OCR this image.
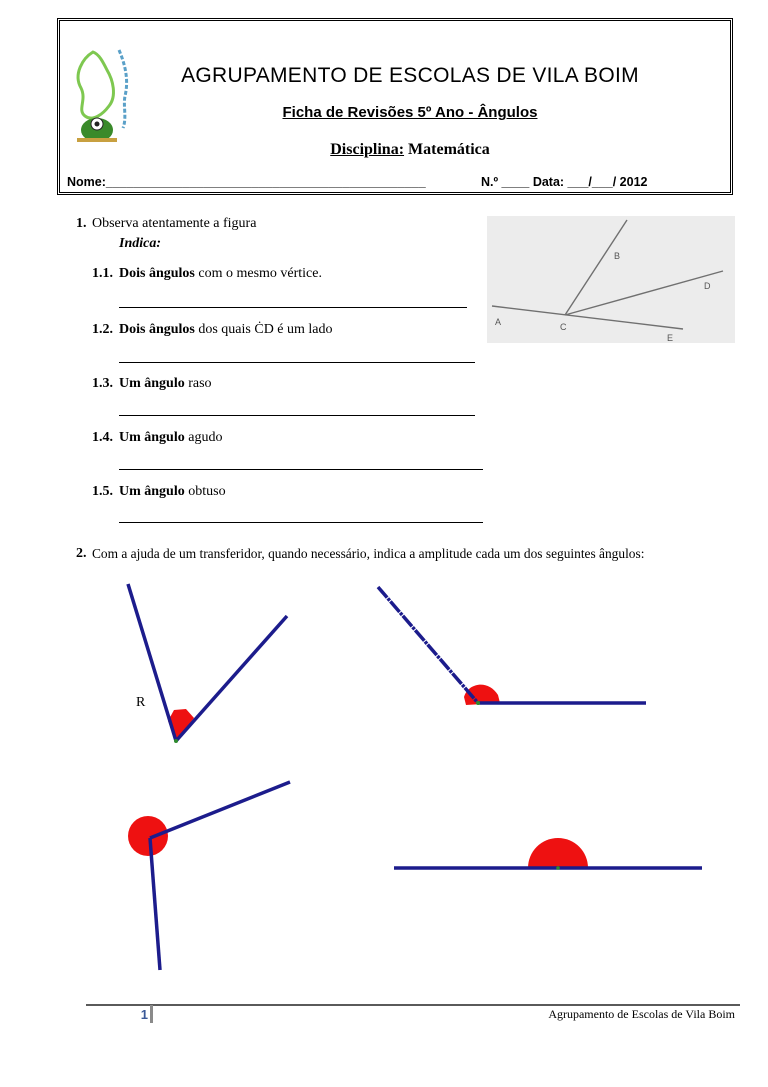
AGRUPAMENTO DE ESCOLAS DE VILA BOIM
Ficha de Revisões 5º Ano - Ângulos
Disciplina: Matemática
Nome:______________________________________________	N.º ____ Data: ___/___/ 2012
1. Observa atentamente a figura
Indica:
A
B
C
D
E
1.1. Dois ângulos com o mesmo vértice.
1.2. Dois ângulos dos quais ĊD é um lado
1.3. Um ângulo raso
1.4. Um ângulo agudo
1.5. Um ângulo obtuso
2. Com a ajuda de um transferidor, quando necessário, indica a amplitude cada um dos seguintes ângulos:
R
1	Agrupamento de Escolas de Vila Boim
